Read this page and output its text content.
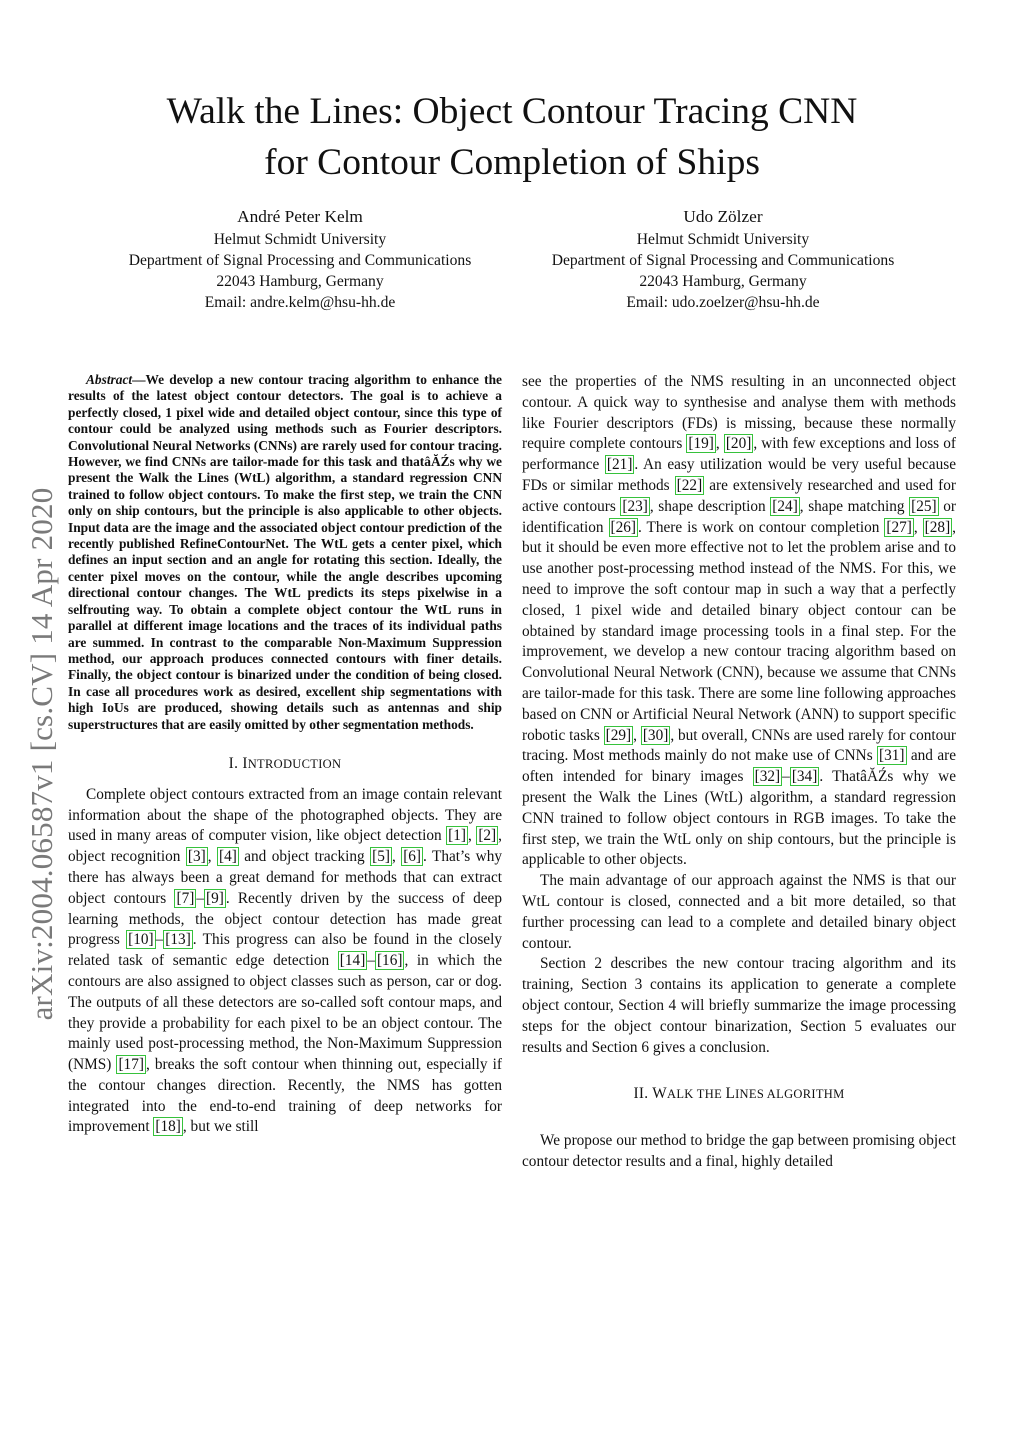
arXiv:2004.06587v1 [cs.CV] 14 Apr 2020
Walk the Lines: Object Contour Tracing CNN
for Contour Completion of Ships
André Peter Kelm
Helmut Schmidt University
Department of Signal Processing and Communications
22043 Hamburg, Germany
Email: andre.kelm@hsu-hh.de
Udo Zölzer
Helmut Schmidt University
Department of Signal Processing and Communications
22043 Hamburg, Germany
Email: udo.zoelzer@hsu-hh.de

Abstract—We develop a new contour tracing algorithm to enhance the results of the latest object contour detectors. The goal is to achieve a perfectly closed, 1 pixel wide and detailed object contour, since this type of contour could be analyzed using methods such as Fourier descriptors. Convolutional Neural Networks (CNNs) are rarely used for contour tracing. However, we find CNNs are tailor-made for this task and thatâĂŹs why we present the Walk the Lines (WtL) algorithm, a standard regression CNN trained to follow object contours. To make the first step, we train the CNN only on ship contours, but the principle is also applicable to other objects. Input data are the image and the associated object contour prediction of the recently published RefineContourNet. The WtL gets a center pixel, which defines an input section and an angle for rotating this section. Ideally, the center pixel moves on the contour, while the angle describes upcoming directional contour changes. The WtL predicts its steps pixelwise in a selfrouting way. To obtain a complete object contour the WtL runs in parallel at different image locations and the traces of its individual paths are summed. In contrast to the comparable Non-Maximum Suppression method, our approach produces connected contours with finer details. Finally, the object contour is binarized under the condition of being closed. In case all procedures work as desired, excellent ship segmentations with high IoUs are produced, showing details such as antennas and ship superstructures that are easily omitted by other segmentation methods.

I. INTRODUCTION

Complete object contours extracted from an image contain relevant information about the shape of the photographed objects. They are used in many areas of computer vision, like object detection [1] , [2] , object recognition [3] , [4] and object tracking [5] , [6] . That’s why there has always been a great demand for methods that can extract object contours [7] – [9] . Recently driven by the success of deep learning methods, the object contour detection has made great progress [10] – [13] . This progress can also be found in the closely related task of semantic edge detection [14] – [16] , in which the contours are also assigned to object classes such as person, car or dog. The outputs of all these detectors are so-called soft contour maps, and they provide a probability for each pixel to be an object contour. The mainly used post-processing method, the Non-Maximum Suppression (NMS) [17] , breaks the soft contour when thinning out, especially if the contour changes direction. Recently, the NMS has gotten integrated into the end-to-end training of deep networks for improvement [18] , but we still

see the properties of the NMS resulting in an unconnected object contour. A quick way to synthesise and analyse them with methods like Fourier descriptors (FDs) is missing, because these normally require complete contours [19] , [20] , with few exceptions and loss of performance [21] . An easy utilization would be very useful because FDs or similar methods [22] are extensively researched and used for active contours [23] , shape description [24] , shape matching [25] or identification [26] . There is work on contour completion [27] , [28] , but it should be even more effective not to let the problem arise and to use another post-processing method instead of the NMS. For this, we need to improve the soft contour map in such a way that a perfectly closed, 1 pixel wide and detailed binary object contour can be obtained by standard image processing tools in a final step. For the improvement, we develop a new contour tracing algorithm based on Convolutional Neural Network (CNN), because we assume that CNNs are tailor-made for this task. There are some line following approaches based on CNN or Artificial Neural Network (ANN) to support specific robotic tasks [29] , [30] , but overall, CNNs are used rarely for contour tracing. Most methods mainly do not make use of CNNs [31] and are often intended for binary images [32] – [34] . ThatâĂŹs why we present the Walk the Lines (WtL) algorithm, a standard regression CNN trained to follow object contours in RGB images. To take the first step, we train the WtL only on ship contours, but the principle is applicable to other objects.

The main advantage of our approach against the NMS is that our WtL contour is closed, connected and a bit more detailed, so that further processing can lead to a complete and detailed binary object contour.

Section 2 describes the new contour tracing algorithm and its training, Section 3 contains its application to generate a complete object contour, Section 4 will briefly summarize the image processing steps for the object contour binarization, Section 5 evaluates our results and Section 6 gives a conclusion.

II. WALK THE LINES ALGORITHM

We propose our method to bridge the gap between promising object contour detector results and a final, highly detailed
